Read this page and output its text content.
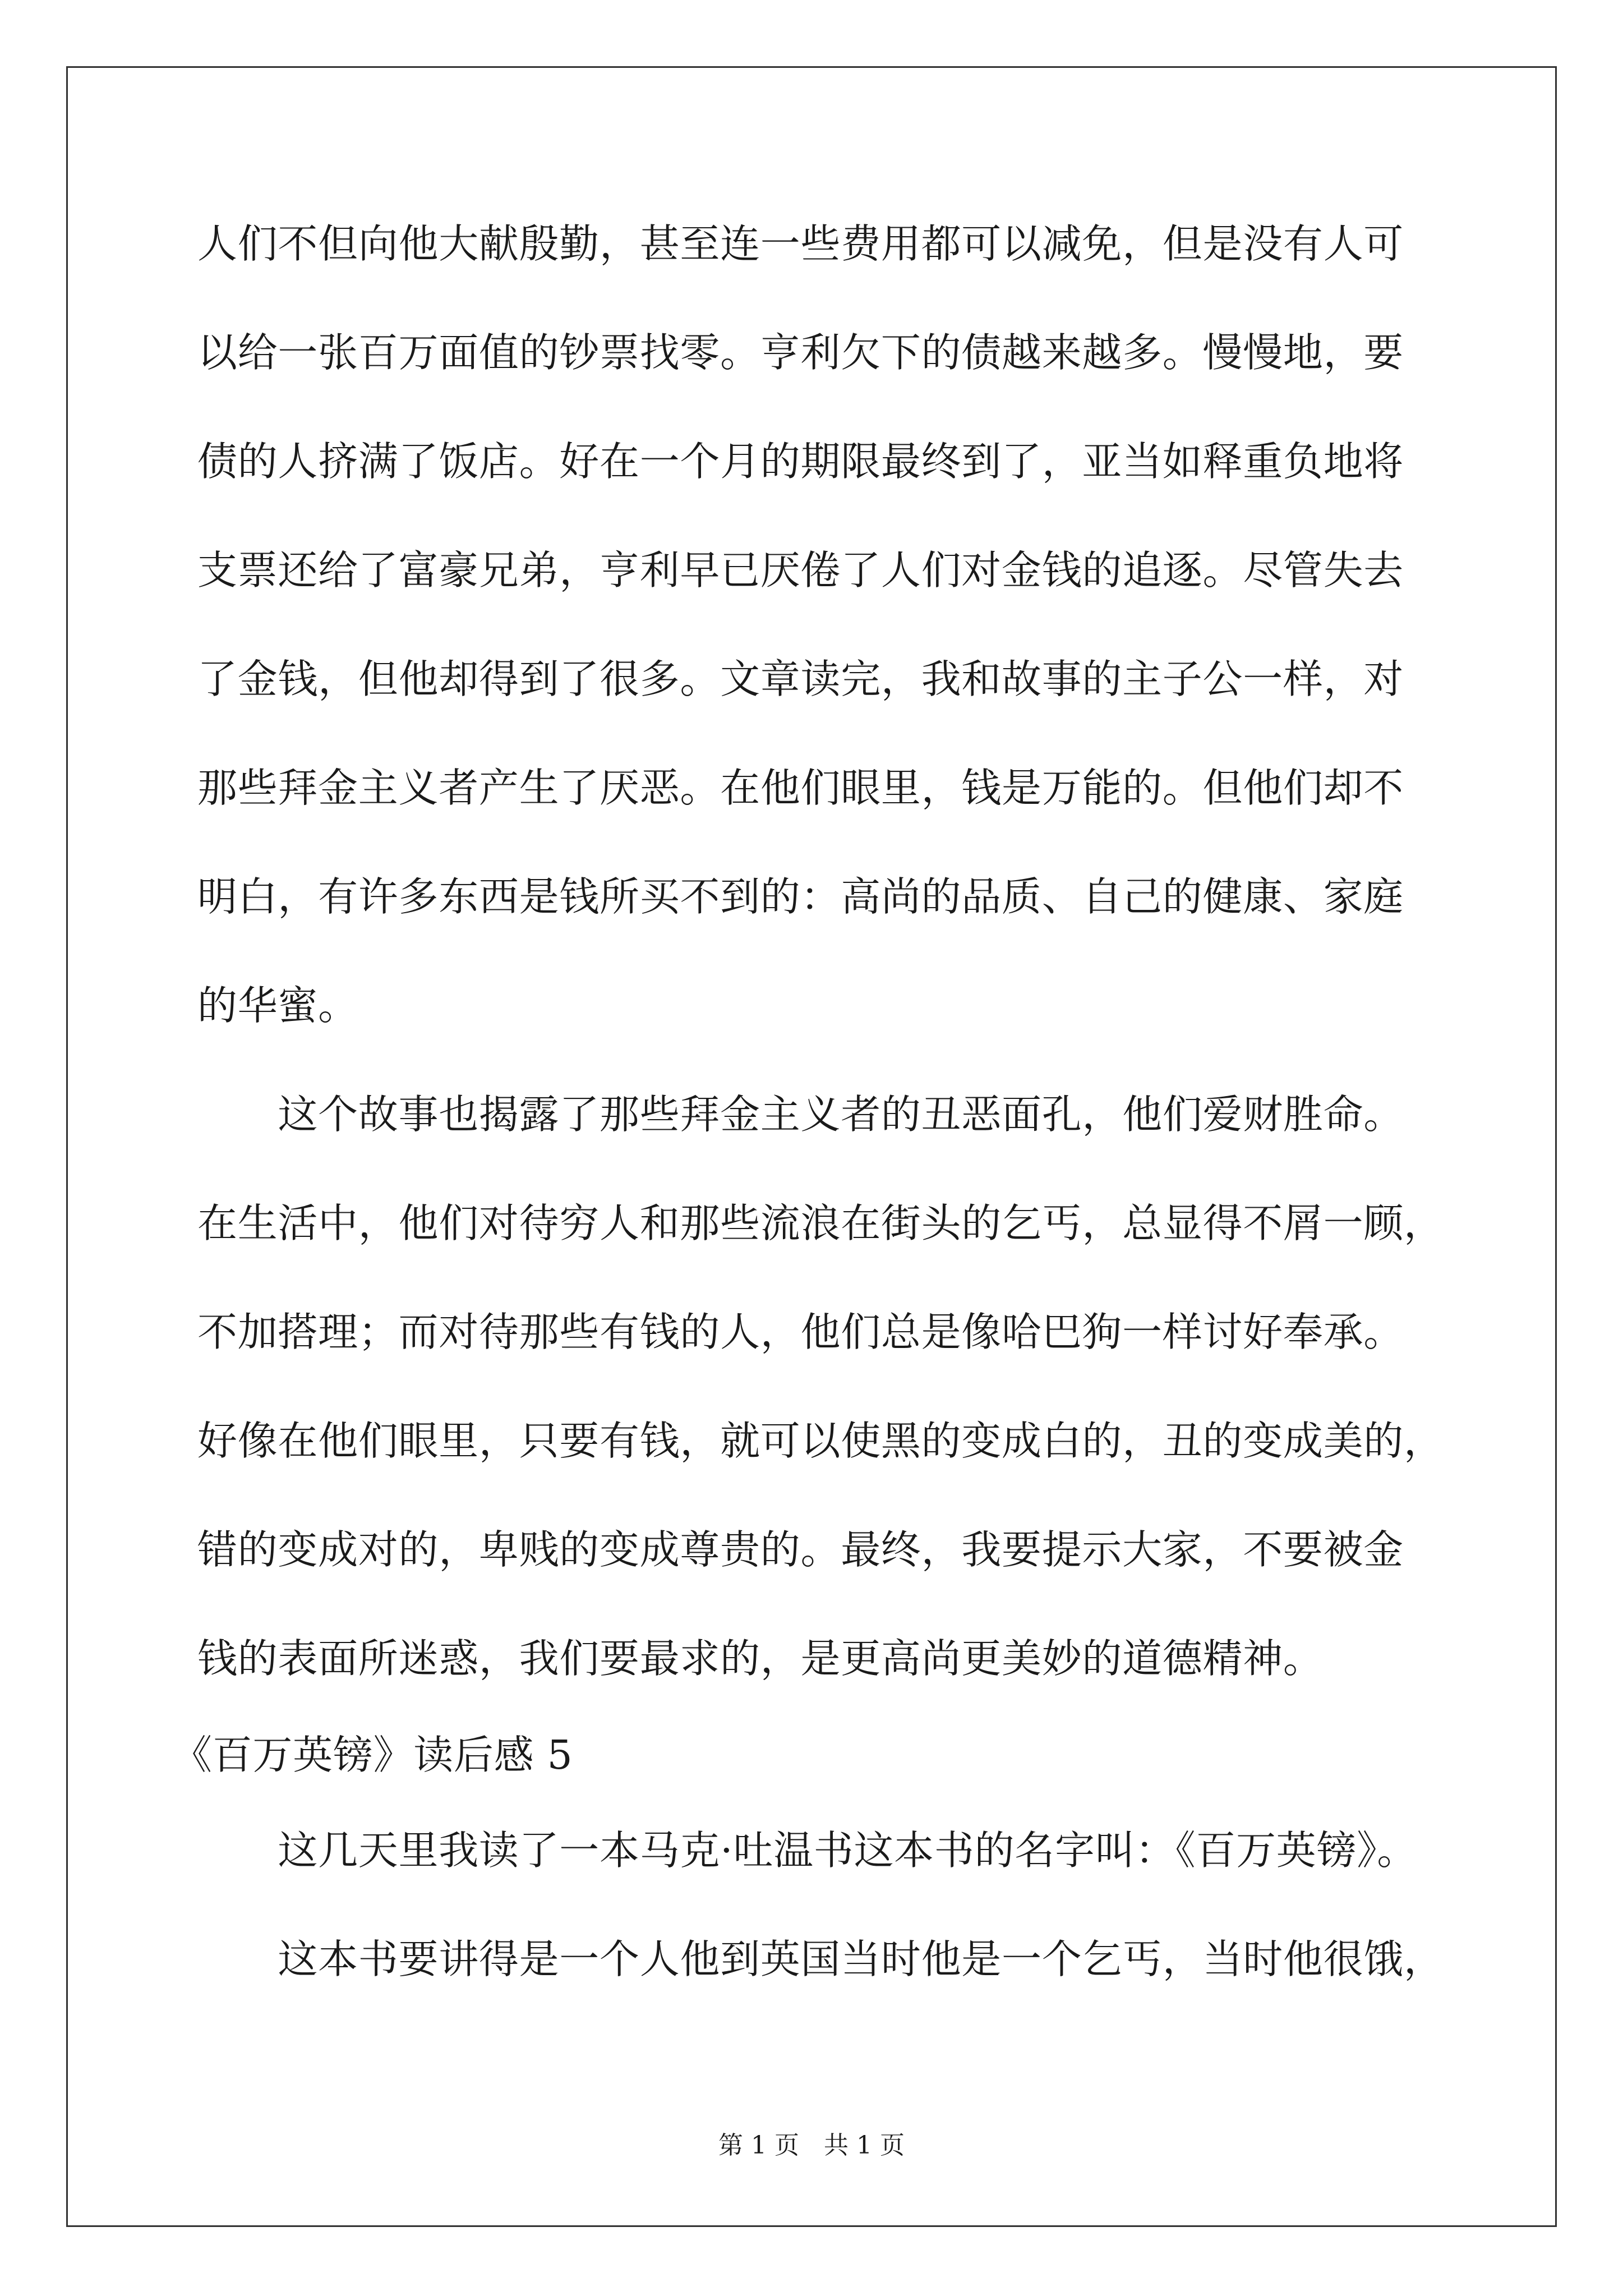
人们不但向他大献殷勤，甚至连一些费用都可以减免，但是没有人可
以给一张百万面值的钞票找零。亨利欠下的债越来越多。慢慢地，要
债的人挤满了饭店。好在一个月的期限最终到了，亚当如释重负地将
支票还给了富豪兄弟，亨利早已厌倦了人们对金钱的追逐。尽管失去
了金钱，但他却得到了很多。文章读完，我和故事的主子公一样，对
那些拜金主义者产生了厌恶。在他们眼里，钱是万能的。但他们却不
明白，有许多东西是钱所买不到的：高尚的品质、自己的健康、家庭
的华蜜。
　　这个故事也揭露了那些拜金主义者的丑恶面孔，他们爱财胜命。
在生活中，他们对待穷人和那些流浪在街头的乞丐，总显得不屑一顾，
不加搭理；而对待那些有钱的人，他们总是像哈巴狗一样讨好奉承。
好像在他们眼里，只要有钱，就可以使黑的变成白的，丑的变成美的，
错的变成对的，卑贱的变成尊贵的。最终，我要提示大家，不要被金
钱的表面所迷惑，我们要最求的，是更高尚更美妙的道德精神。
《百万英镑》读后感 5
　　这几天里我读了一本马克·吐温书这本书的名字叫：《百万英镑》。
　　这本书要讲得是一个人他到英国当时他是一个乞丐，当时他很饿，
第 1 页　共 1 页
